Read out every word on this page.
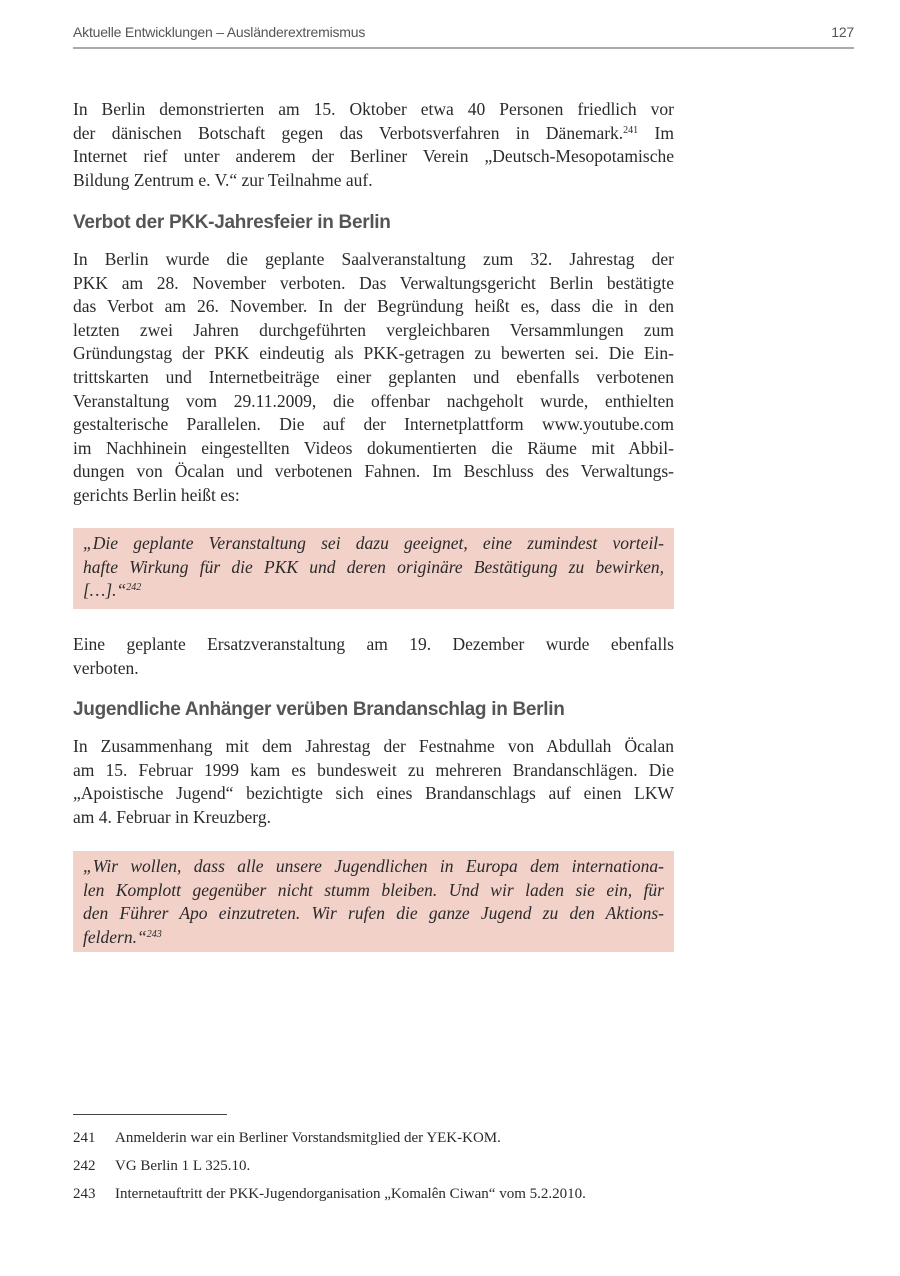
Aktuelle Entwicklungen – Ausländerextremismus	127
In Berlin demonstrierten am 15. Oktober etwa 40 Personen friedlich vor
der dänischen Botschaft gegen das Verbotsverfahren in Dänemark.$^{241}$ Im
Internet rief unter anderem der Berliner Verein „Deutsch-Mesopotamische
Bildung Zentrum e. V.“ zur Teilnahme auf.
Verbot der PKK-Jahresfeier in Berlin
In Berlin wurde die geplante Saalveranstaltung zum 32. Jahrestag der
PKK am 28. November verboten. Das Verwaltungsgericht Berlin bestätigte
das Verbot am 26. November. In der Begründung heißt es, dass die in den
letzten zwei Jahren durchgeführten vergleichbaren Versammlungen zum
Gründungstag der PKK eindeutig als PKK-getragen zu bewerten sei. Die Ein-
trittskarten und Internetbeiträge einer geplanten und ebenfalls verbotenen
Veranstaltung vom 29.11.2009, die offenbar nachgeholt wurde, enthielten
gestalterische Parallelen. Die auf der Internetplattform www.youtube.com
im Nachhinein eingestellten Videos dokumentierten die Räume mit Abbil-
dungen von Öcalan und verbotenen Fahnen. Im Beschluss des Verwaltungs-
gerichts Berlin heißt es:
„Die geplante Veranstaltung sei dazu geeignet, eine zumindest vorteil-
hafte Wirkung für die PKK und deren originäre Bestätigung zu bewirken,
[…].“$^{242}$
Eine geplante Ersatzveranstaltung am 19. Dezember wurde ebenfalls
verboten.
Jugendliche Anhänger verüben Brandanschlag in Berlin
In Zusammenhang mit dem Jahrestag der Festnahme von Abdullah Öcalan
am 15. Februar 1999 kam es bundesweit zu mehreren Brandanschlägen. Die
„Apoistische Jugend“ bezichtigte sich eines Brandanschlags auf einen LKW
am 4. Februar in Kreuzberg.
„Wir wollen, dass alle unsere Jugendlichen in Europa dem internationa-
len Komplott gegenüber nicht stumm bleiben. Und wir laden sie ein, für
den Führer Apo einzutreten. Wir rufen die ganze Jugend zu den Aktions-
feldern.“$^{243}$
241	Anmelderin war ein Berliner Vorstandsmitglied der YEK-KOM.
242	VG Berlin 1 L 325.10.
243	Internetauftritt der PKK-Jugendorganisation „Komalên Ciwan“ vom 5.2.2010.
